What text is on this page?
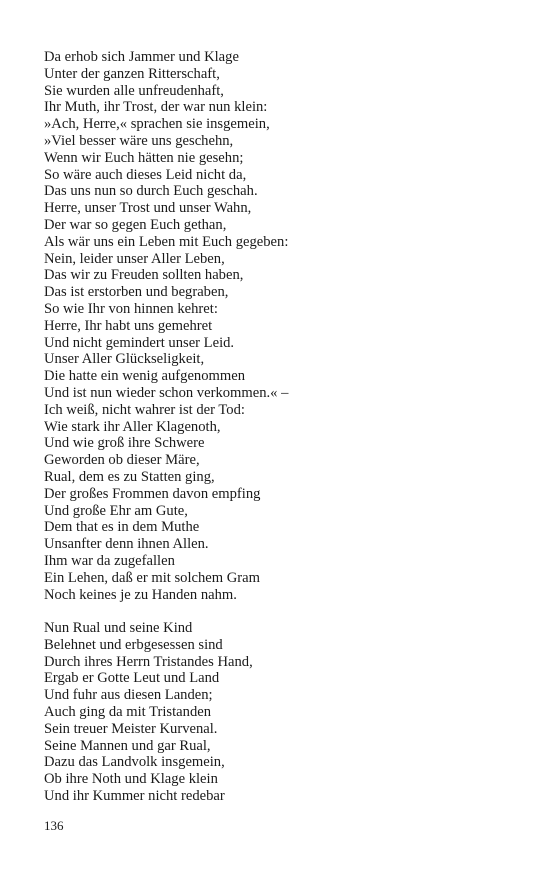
Da erhob sich Jammer und Klage
Unter der ganzen Ritterschaft,
Sie wurden alle unfreudenhaft,
Ihr Muth, ihr Trost, der war nun klein:
»Ach, Herre,« sprachen sie insgemein,
»Viel besser wäre uns geschehn,
Wenn wir Euch hätten nie gesehn;
So wäre auch dieses Leid nicht da,
Das uns nun so durch Euch geschah.
Herre, unser Trost und unser Wahn,
Der war so gegen Euch gethan,
Als wär uns ein Leben mit Euch gegeben:
Nein, leider unser Aller Leben,
Das wir zu Freuden sollten haben,
Das ist erstorben und begraben,
So wie Ihr von hinnen kehret:
Herre, Ihr habt uns gemehret
Und nicht gemindert unser Leid.
Unser Aller Glückseligkeit,
Die hatte ein wenig aufgenommen
Und ist nun wieder schon verkommen.« –
Ich weiß, nicht wahrer ist der Tod:
Wie stark ihr Aller Klagenoth,
Und wie groß ihre Schwere
Geworden ob dieser Märe,
Rual, dem es zu Statten ging,
Der großes Frommen davon empfing
Und große Ehr am Gute,
Dem that es in dem Muthe
Unsanfter denn ihnen Allen.
Ihm war da zugefallen
Ein Lehen, daß er mit solchem Gram
Noch keines je zu Handen nahm.
Nun Rual und seine Kind
Belehnet und erbgesessen sind
Durch ihres Herrn Tristandes Hand,
Ergab er Gotte Leut und Land
Und fuhr aus diesen Landen;
Auch ging da mit Tristanden
Sein treuer Meister Kurvenal.
Seine Mannen und gar Rual,
Dazu das Landvolk insgemein,
Ob ihre Noth und Klage klein
Und ihr Kummer nicht redebar
136
